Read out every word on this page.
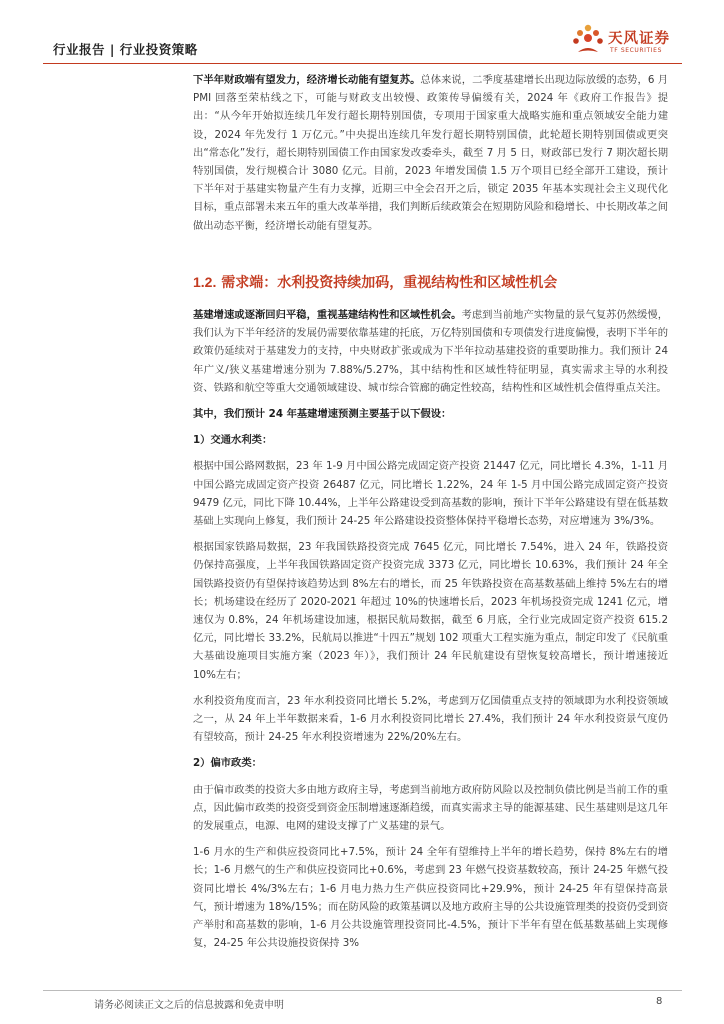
行业报告 | 行业投资策略
天风证券
TF SECURITIES

下半年财政端有望发力，经济增长动能有望复苏。总体来说，二季度基建增长出现边际放缓的态势，6 月 PMI 回落至荣枯线之下，可能与财政支出较慢、政策传导偏缓有关，2024 年《政府工作报告》提出：“从今年开始拟连续几年发行超长期特别国债，专项用于国家重大战略实施和重点领域安全能力建设，2024 年先发行 1 万亿元。”中央提出连续几年发行超长期特别国债，此轮超长期特别国债或更突出“常态化”发行，超长期特别国债工作由国家发改委牵头，截至 7 月 5 日，财政部已发行 7 期次超长期特别国债，发行规模合计 3080 亿元。目前，2023 年增发国债 1.5 万个项目已经全部开工建设，预计下半年对于基建实物量产生有力支撑，近期三中全会召开之后，锁定 2035 年基本实现社会主义现代化目标，重点部署未来五年的重大改革举措，我们判断后续政策会在短期防风险和稳增长、中长期改革之间做出动态平衡，经济增长动能有望复苏。

1.2. 需求端：水利投资持续加码，重视结构性和区域性机会

基建增速或逐渐回归平稳，重视基建结构性和区域性机会。考虑到当前地产实物量的景气复苏仍然缓慢，我们认为下半年经济的发展仍需要依靠基建的托底，万亿特别国债和专项债发行进度偏慢，表明下半年的政策仍延续对于基建发力的支持，中央财政扩张或成为下半年拉动基建投资的重要助推力。我们预计 24 年广义/狭义基建增速分别为 7.88%/5.27%，其中结构性和区域性特征明显，真实需求主导的水利投资、铁路和航空等重大交通领域建设、城市综合管廊的确定性较高，结构性和区域性机会值得重点关注。

其中，我们预计 24 年基建增速预测主要基于以下假设：

1）交通水利类：

根据中国公路网数据，23 年 1-9 月中国公路完成固定资产投资 21447 亿元，同比增长 4.3%，1-11 月中国公路完成固定资产投资 26487 亿元，同比增长 1.22%，24 年 1-5 月中国公路完成固定资产投资 9479 亿元，同比下降 10.44%，上半年公路建设受到高基数的影响，预计下半年公路建设有望在低基数基础上实现向上修复，我们预计 24-25 年公路建设投资整体保持平稳增长态势，对应增速为 3%/3%。

根据国家铁路局数据，23 年我国铁路投资完成 7645 亿元，同比增长 7.54%，进入 24 年，铁路投资仍保持高强度，上半年我国铁路固定资产投资完成 3373 亿元，同比增长 10.63%，我们预计 24 年全国铁路投资仍有望保持该趋势达到 8%左右的增长，而 25 年铁路投资在高基数基础上维持 5%左右的增长；机场建设在经历了 2020-2021 年超过 10%的快速增长后，2023 年机场投资完成 1241 亿元，增速仅为 0.8%，24 年机场建设加速，根据民航局数据，截至 6 月底，全行业完成固定资产投资 615.2 亿元，同比增长 33.2%，民航局以推进“十四五”规划 102 项重大工程实施为重点，制定印发了《民航重大基础设施项目实施方案（2023 年）》，我们预计 24 年民航建设有望恢复较高增长，预计增速接近 10%左右；

水利投资角度而言，23 年水利投资同比增长 5.2%，考虑到万亿国债重点支持的领域即为水利投资领域之一，从 24 年上半年数据来看，1-6 月水利投资同比增长 27.4%，我们预计 24 年水利投资景气度仍有望较高，预计 24-25 年水利投资增速为 22%/20%左右。

2）偏市政类：

由于偏市政类的投资大多由地方政府主导，考虑到当前地方政府防风险以及控制负债比例是当前工作的重点，因此偏市政类的投资受到资金压制增速逐渐趋缓，而真实需求主导的能源基建、民生基建则是这几年的发展重点，电源、电网的建设支撑了广义基建的景气。

1-6 月水的生产和供应投资同比+7.5%，预计 24 全年有望维持上半年的增长趋势，保持 8%左右的增长；1-6 月燃气的生产和供应投资同比+0.6%，考虑到 23 年燃气投资基数较高，预计 24-25 年燃气投资同比增长 4%/3%左右；1-6 月电力热力生产供应投资同比+29.9%，预计 24-25 年有望保持高景气，预计增速为 18%/15%；而在防风险的政策基调以及地方政府主导的公共设施管理类的投资仍受到资产举肘和高基数的影响，1-6 月公共设施管理投资同比-4.5%，预计下半年有望在低基数基础上实现修复，24-25 年公共设施投资保持 3%

请务必阅读正文之后的信息披露和免责申明	8
